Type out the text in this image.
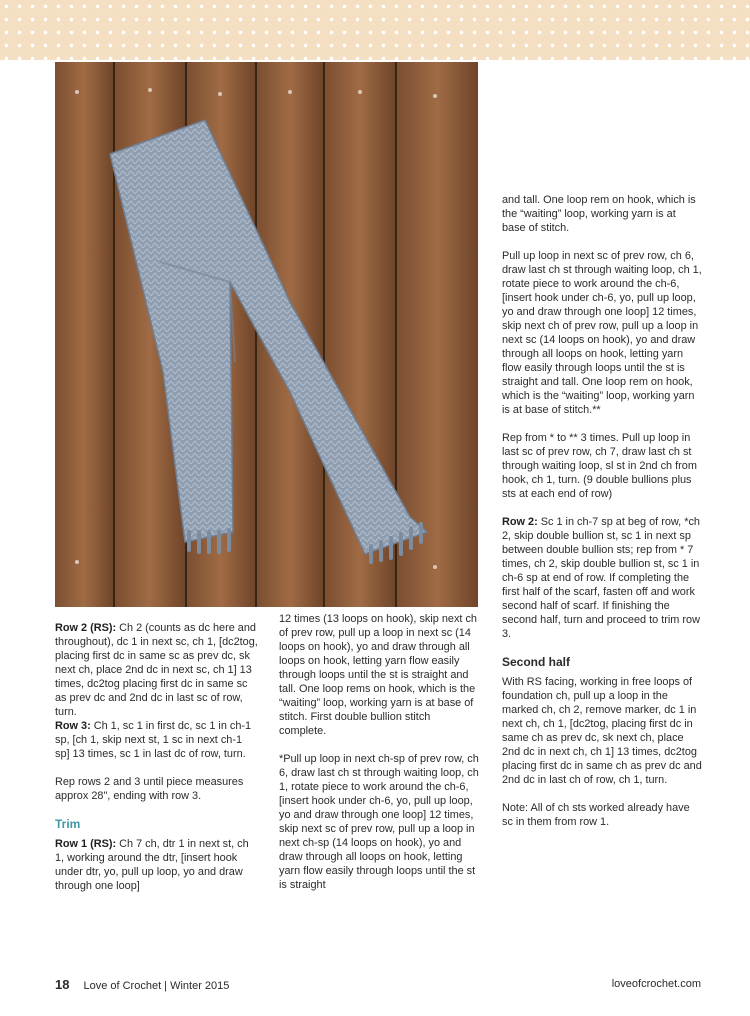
Row 2 (RS): Ch 2 (counts as dc here and throughout), dc 1 in next sc, ch 1, [dc2tog, placing first dc in same sc as prev dc, sk next ch, place 2nd dc in next sc, ch 1] 13 times, dc2tog placing first dc in same sc as prev dc and 2nd dc in last sc of row, turn.

Row 3: Ch 1, sc 1 in first dc, sc 1 in ch-1 sp, [ch 1, skip next st, 1 sc in next ch-1 sp] 13 times, sc 1 in last dc of row, turn.

Rep rows 2 and 3 until piece measures approx 28", ending with row 3.

Trim

Row 1 (RS): Ch 7 ch, dtr 1 in next st, ch 1, working around the dtr, [insert hook under dtr, yo, pull up loop, yo and draw through one loop]

12 times (13 loops on hook), skip next ch of prev row, pull up a loop in next sc (14 loops on hook), yo and draw through all loops on hook, letting yarn flow easily through loops until the st is straight and tall. One loop rems on hook, which is the “waiting” loop, working yarn is at base of stitch. First double bullion stitch complete.

*Pull up loop in next ch-sp of prev row, ch 6, draw last ch st through waiting loop, ch 1, rotate piece to work around the ch-6, [insert hook under ch-6, yo, pull up loop, yo and draw through one loop] 12 times, skip next sc of prev row, pull up a loop in next ch-sp (14 loops on hook), yo and draw through all loops on hook, letting yarn flow easily through loops until the st is straight

and tall. One loop rem on hook, which is the “waiting” loop, working yarn is at base of stitch.

Pull up loop in next sc of prev row, ch 6, draw last ch st through waiting loop, ch 1, rotate piece to work around the ch-6, [insert hook under ch-6, yo, pull up loop, yo and draw through one loop] 12 times, skip next ch of prev row, pull up a loop in next sc (14 loops on hook), yo and draw through all loops on hook, letting yarn flow easily through loops until the st is straight and tall. One loop rem on hook, which is the “waiting” loop, working yarn is at base of stitch.**

Rep from * to ** 3 times. Pull up loop in last sc of prev row, ch 7, draw last ch st through waiting loop, sl st in 2nd ch from hook, ch 1, turn. (9 double bullions plus sts at each end of row)

Row 2: Sc 1 in ch-7 sp at beg of row, *ch 2, skip double bullion st, sc 1 in next sp between double bullion sts; rep from * 7 times, ch 2, skip double bullion st, sc 1 in ch-6 sp at end of row. If completing the first half of the scarf, fasten off and work second half of scarf. If finishing the second half, turn and proceed to trim row 3.

Second half

With RS facing, working in free loops of foundation ch, pull up a loop in the marked ch, ch 2, remove marker, dc 1 in next ch, ch 1, [dc2tog, placing first dc in same ch as prev dc, sk next ch, place 2nd dc in next ch, ch 1] 13 times, dc2tog placing first dc in same ch as prev dc and 2nd dc in last ch of row, ch 1, turn.

Note: All of ch sts worked already have sc in them from row 1.

18 Love of Crochet | Winter 2015	loveofcrochet.com
